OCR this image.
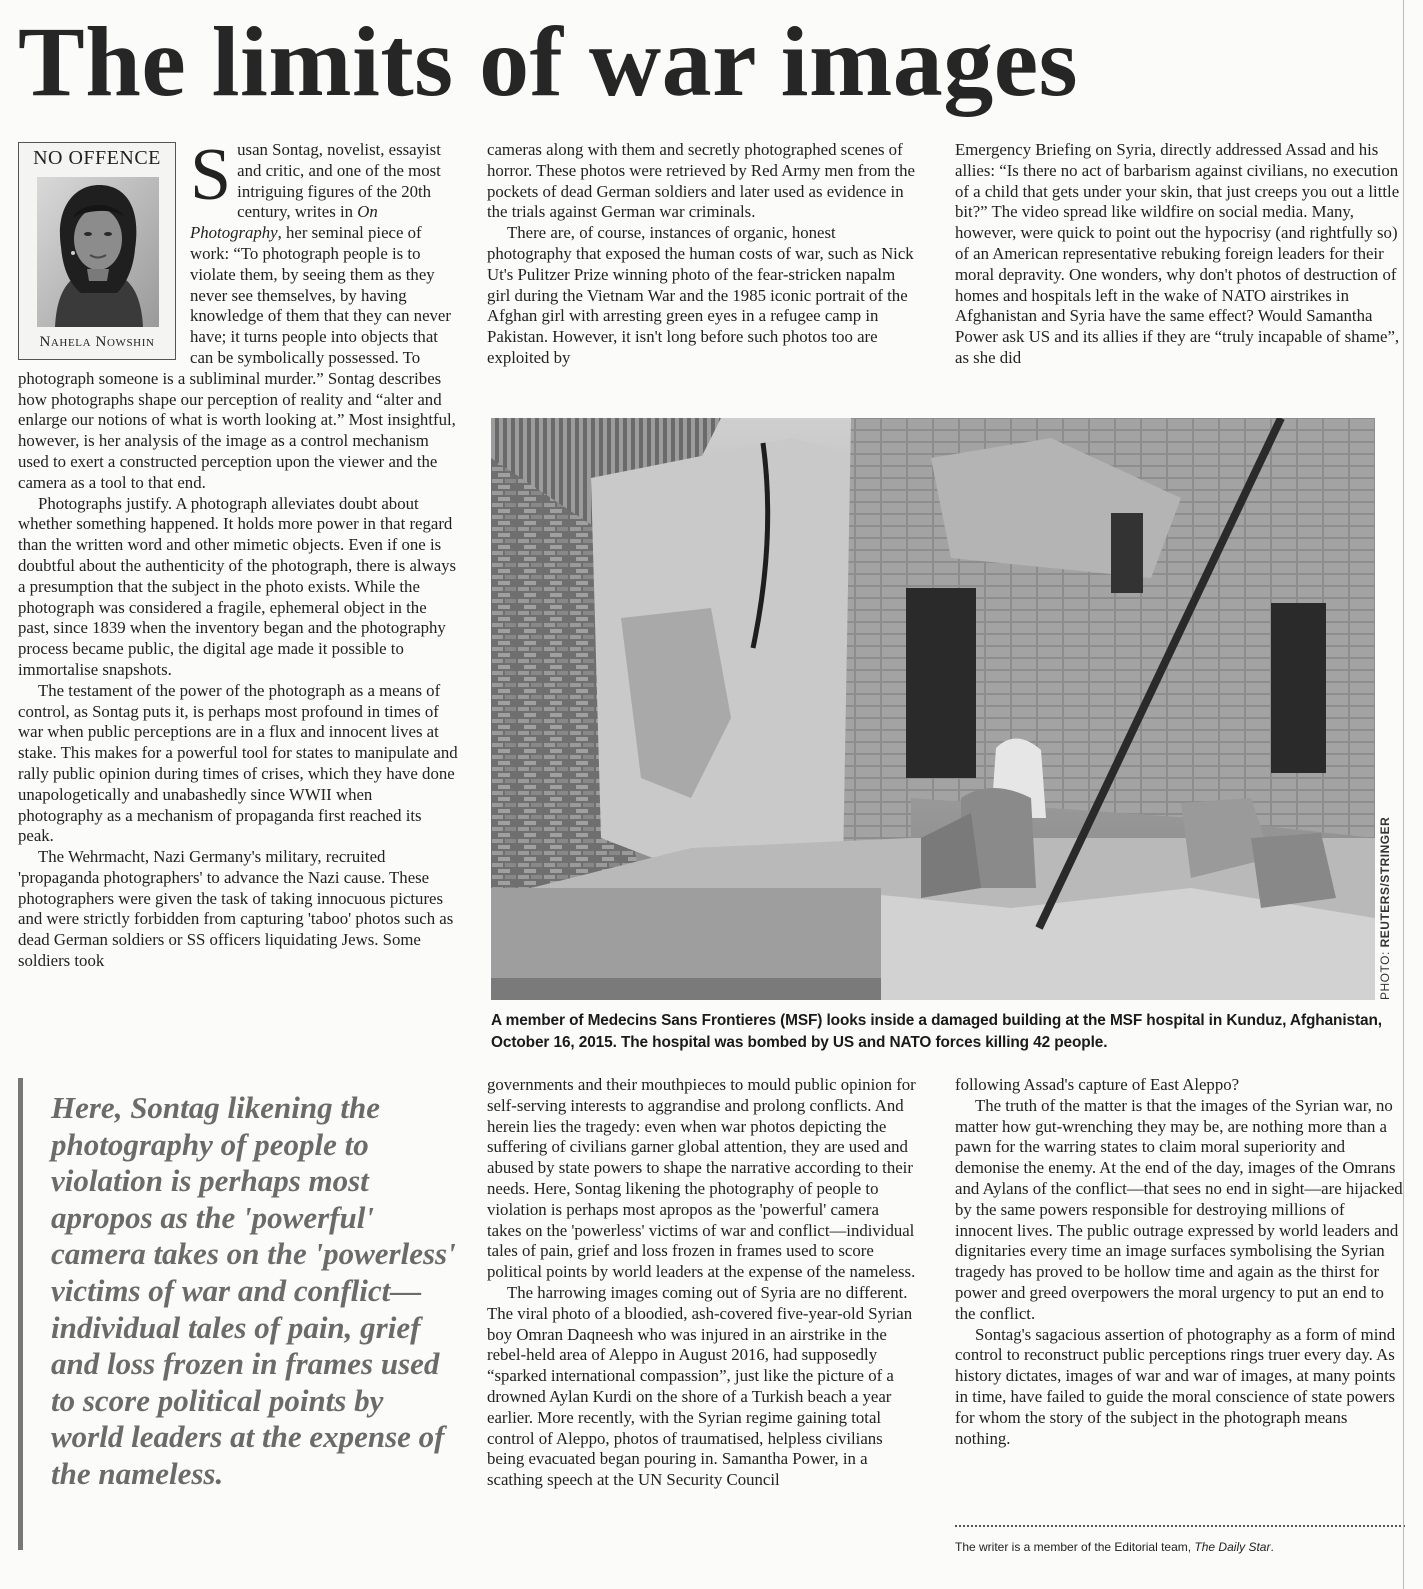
The limits of war images
NO OFFENCE
Nahela Nowshin

Susan Sontag, novelist, essayist and critic, and one of the most intriguing figures of the 20th century, writes in On Photography, her seminal piece of work: “To photograph people is to violate them, by seeing them as they never see themselves, by having knowledge of them that they can never have; it turns people into objects that can be symbolically possessed. To photograph someone is a subliminal murder.” Sontag describes how photographs shape our perception of reality and “alter and enlarge our notions of what is worth looking at.” Most insightful, however, is her analysis of the image as a control mechanism used to exert a constructed perception upon the viewer and the camera as a tool to that end.

Photographs justify. A photograph alleviates doubt about whether something happened. It holds more power in that regard than the written word and other mimetic objects. Even if one is doubtful about the authenticity of the photograph, there is always a presumption that the subject in the photo exists. While the photograph was considered a fragile, ephemeral object in the past, since 1839 when the inventory began and the photography process became public, the digital age made it possible to immortalise snapshots.

The testament of the power of the photograph as a means of control, as Sontag puts it, is perhaps most profound in times of war when public perceptions are in a flux and innocent lives at stake. This makes for a powerful tool for states to manipulate and rally public opinion during times of crises, which they have done unapologetically and unabashedly since WWII when photography as a mechanism of propaganda first reached its peak.

The Wehrmacht, Nazi Germany's military, recruited 'propaganda photographers' to advance the Nazi cause. These photographers were given the task of taking innocuous pictures and were strictly forbidden from capturing 'taboo' photos such as dead German soldiers or SS officers liquidating Jews. Some soldiers took

cameras along with them and secretly photographed scenes of horror. These photos were retrieved by Red Army men from the pockets of dead German soldiers and later used as evidence in the trials against German war criminals.

There are, of course, instances of organic, honest photography that exposed the human costs of war, such as Nick Ut's Pulitzer Prize winning photo of the fear-stricken napalm girl during the Vietnam War and the 1985 iconic portrait of the Afghan girl with arresting green eyes in a refugee camp in Pakistan. However, it isn't long before such photos too are exploited by

Emergency Briefing on Syria, directly addressed Assad and his allies: “Is there no act of barbarism against civilians, no execution of a child that gets under your skin, that just creeps you out a little bit?” The video spread like wildfire on social media. Many, however, were quick to point out the hypocrisy (and rightfully so) of an American representative rebuking foreign leaders for their moral depravity. One wonders, why don't photos of destruction of homes and hospitals left in the wake of NATO airstrikes in Afghanistan and Syria have the same effect? Would Samantha Power ask US and its allies if they are “truly incapable of shame”, as she did

PHOTO: REUTERS/STRINGER
A member of Medecins Sans Frontieres (MSF) looks inside a damaged building at the MSF hospital in Kunduz, Afghanistan, October 16, 2015. The hospital was bombed by US and NATO forces killing 42 people.
Here, Sontag likening the photography of people to violation is perhaps most apropos as the 'powerful' camera takes on the 'powerless' victims of war and conflict—individual tales of pain, grief and loss frozen in frames used to score political points by world leaders at the expense of the nameless.

governments and their mouthpieces to mould public opinion for self-serving interests to aggrandise and prolong conflicts. And herein lies the tragedy: even when war photos depicting the suffering of civilians garner global attention, they are used and abused by state powers to shape the narrative according to their needs. Here, Sontag likening the photography of people to violation is perhaps most apropos as the 'powerful' camera takes on the 'powerless' victims of war and conflict—individual tales of pain, grief and loss frozen in frames used to score political points by world leaders at the expense of the nameless.

The harrowing images coming out of Syria are no different. The viral photo of a bloodied, ash-covered five-year-old Syrian boy Omran Daqneesh who was injured in an airstrike in the rebel-held area of Aleppo in August 2016, had supposedly “sparked international compassion”, just like the picture of a drowned Aylan Kurdi on the shore of a Turkish beach a year earlier. More recently, with the Syrian regime gaining total control of Aleppo, photos of traumatised, helpless civilians being evacuated began pouring in. Samantha Power, in a scathing speech at the UN Security Council

following Assad's capture of East Aleppo?

The truth of the matter is that the images of the Syrian war, no matter how gut-wrenching they may be, are nothing more than a pawn for the warring states to claim moral superiority and demonise the enemy. At the end of the day, images of the Omrans and Aylans of the conflict—that sees no end in sight—are hijacked by the same powers responsible for destroying millions of innocent lives. The public outrage expressed by world leaders and dignitaries every time an image surfaces symbolising the Syrian tragedy has proved to be hollow time and again as the thirst for power and greed overpowers the moral urgency to put an end to the conflict.

Sontag's sagacious assertion of photography as a form of mind control to reconstruct public perceptions rings truer every day. As history dictates, images of war and war of images, at many points in time, have failed to guide the moral conscience of state powers for whom the story of the subject in the photograph means nothing.

The writer is a member of the Editorial team, The Daily Star.
